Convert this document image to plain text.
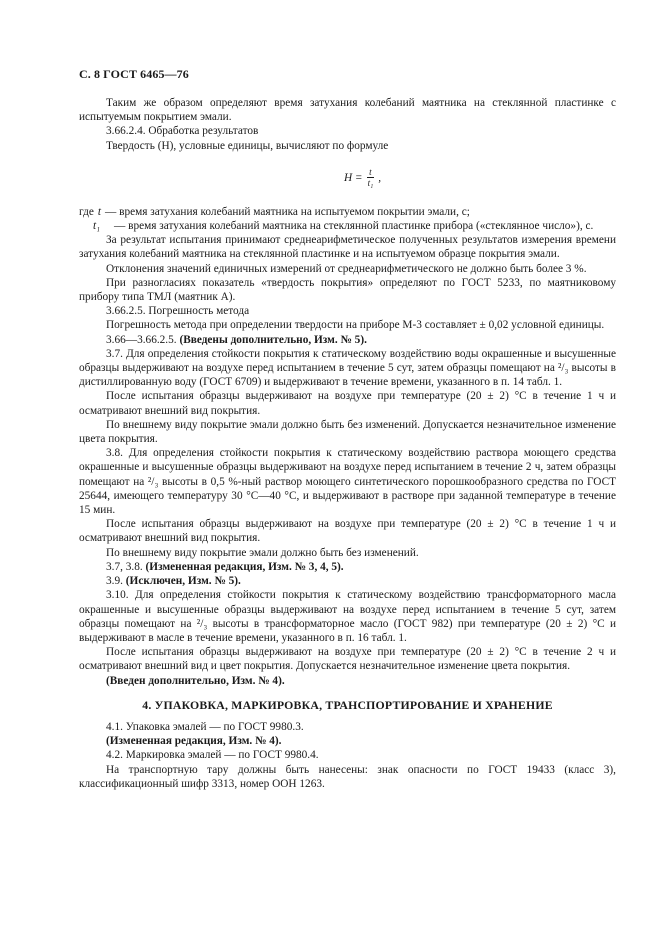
С. 8 ГОСТ 6465—76

Таким же образом определяют время затухания колебаний маятника на стеклянной пластинке с испытуемым покрытием эмали.

3.66.2.4. Обработка результатов

Твердость (H), условные единицы, вычисляют по формуле

$H = \frac{t}{\text{t₁}}$ ,
где t — время затухания колебаний маятника на испытуемом покрытии эмали, с;
t₁	— время затухания колебаний маятника на стеклянной пластинке прибора («стеклянное число»), с.

За результат испытания принимают среднеарифметическое полученных результатов измерения времени затухания колебаний маятника на стеклянной пластинке и на испытуемом образце покрытия эмали.

Отклонения значений единичных измерений от среднеарифметического не должно быть более 3 %.

При разногласиях показатель «твердость покрытия» определяют по ГОСТ 5233, по маятниковому прибору типа ТМЛ (маятник А).

3.66.2.5. Погрешность метода

Погрешность метода при определении твердости на приборе М-3 составляет ± 0,02 условной единицы.

3.66—3.66.2.5. (Введены дополнительно, Изм. № 5).

3.7. Для определения стойкости покрытия к статическому воздействию воды окрашенные и высушенные образцы выдерживают на воздухе перед испытанием в течение 5 сут, затем образцы помещают на ²/₃ высоты в дистиллированную воду (ГОСТ 6709) и выдерживают в течение времени, указанного в п. 14 табл. 1.

После испытания образцы выдерживают на воздухе при температуре (20 ± 2) °С в течение 1 ч и осматривают внешний вид покрытия.

По внешнему виду покрытие эмали должно быть без изменений. Допускается незначительное изменение цвета покрытия.

3.8. Для определения стойкости покрытия к статическому воздействию раствора моющего средства окрашенные и высушенные образцы выдерживают на воздухе перед испытанием в течение 2 ч, затем образцы помещают на ²/₃ высоты в 0,5 %-ный раствор моющего синтетического порошкообразного средства по ГОСТ 25644, имеющего температуру 30 °С—40 °С, и выдерживают в растворе при заданной температуре в течение 15 мин.

После испытания образцы выдерживают на воздухе при температуре (20 ± 2) °С в течение 1 ч и осматривают внешний вид покрытия.

По внешнему виду покрытие эмали должно быть без изменений.

3.7, 3.8. (Измененная редакция, Изм. № 3, 4, 5).

3.9. (Исключен, Изм. № 5).

3.10. Для определения стойкости покрытия к статическому воздействию трансформаторного масла окрашенные и высушенные образцы выдерживают на воздухе перед испытанием в течение 5 сут, затем образцы помещают на ²/₃ высоты в трансформаторное масло (ГОСТ 982) при температуре (20 ± 2) °С и выдерживают в масле в течение времени, указанного в п. 16 табл. 1.

После испытания образцы выдерживают на воздухе при температуре (20 ± 2) °С в течение 2 ч и осматривают внешний вид и цвет покрытия. Допускается незначительное изменение цвета покрытия.

(Введен дополнительно, Изм. № 4).

4. УПАКОВКА, МАРКИРОВКА, ТРАНСПОРТИРОВАНИЕ И ХРАНЕНИЕ

4.1. Упаковка эмалей — по ГОСТ 9980.3.

(Измененная редакция, Изм. № 4).

4.2. Маркировка эмалей — по ГОСТ 9980.4.

На транспортную тару должны быть нанесены: знак опасности по ГОСТ 19433 (класс 3), классификационный шифр 3313, номер ООН 1263.
